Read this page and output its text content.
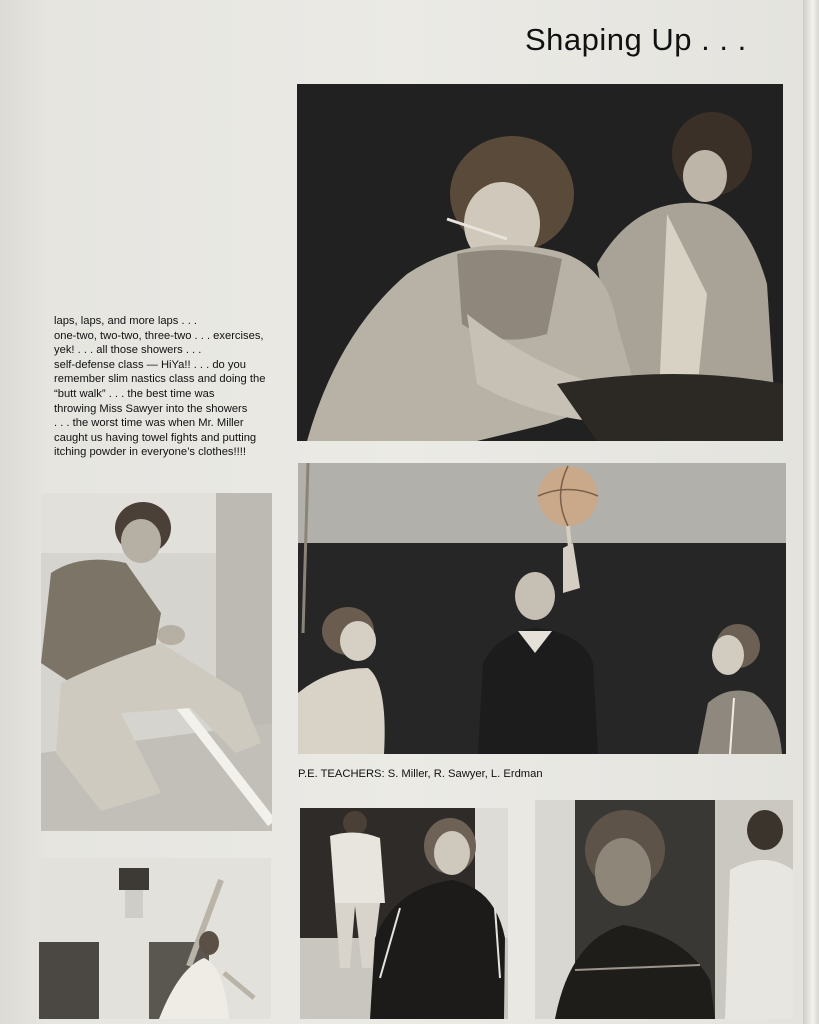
Shaping Up . . .
laps, laps, and more laps . . .
one-two, two-two, three-two . . . exercises,
yek! . . . all those showers . . .
self-defense class — HiYa!! . . . do you
remember slim nastics class and doing the
“butt walk” . . . the best time was
throwing Miss Sawyer into the showers
. . . the worst time was when Mr. Miller
caught us having towel fights and putting
itching powder in everyone’s clothes!!!!
P.E. TEACHERS: S. Miller, R. Sawyer, L. Erdman
